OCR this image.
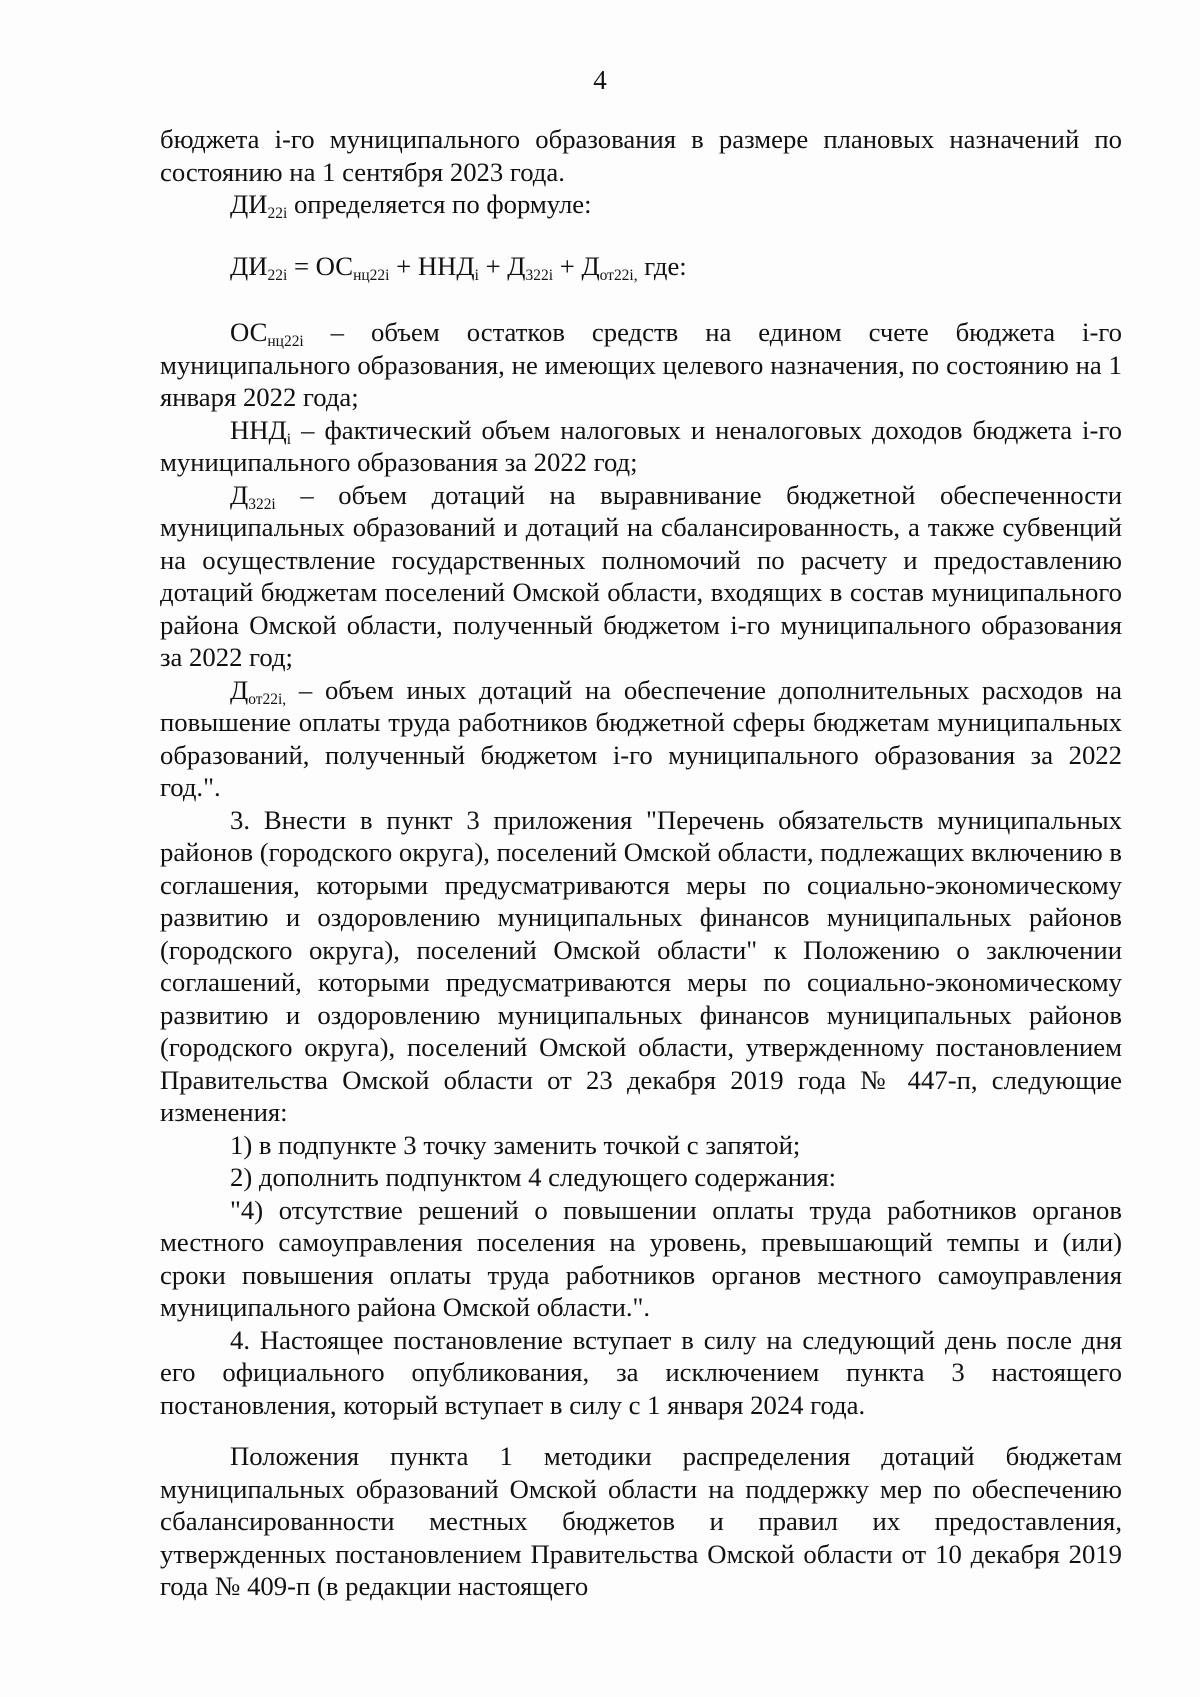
4

бюджета i-го муниципального образования в размере плановых назначений по состоянию на 1 сентября 2023 года.

$ДИ_{22i}$ определяется по формуле:

$ДИ_{22i} = ОС_{нц22i} + ННД_i + Д_{322i} + Д_{от22i,}$ где:

$ОС_{нц22i}$ – объем остатков средств на едином счете бюджета i-го муниципального образования, не имеющих целевого назначения, по состоянию на 1 января 2022 года;

$ННД_i$ – фактический объем налоговых и неналоговых доходов бюджета i-го муниципального образования за 2022 год;

$Д_{322i}$ – объем дотаций на выравнивание бюджетной обеспеченности муниципальных образований и дотаций на сбалансированность, а также субвенций на осуществление государственных полномочий по расчету и предоставлению дотаций бюджетам поселений Омской области, входящих в состав муниципального района Омской области, полученный бюджетом i-го муниципального образования за 2022 год;

$Д_{от22i,}$ – объем иных дотаций на обеспечение дополнительных расходов на повышение оплаты труда работников бюджетной сферы бюджетам муниципальных образований, полученный бюджетом i-го муниципального образования за 2022 год.".

3. Внести в пункт 3 приложения "Перечень обязательств муниципальных районов (городского округа), поселений Омской области, подлежащих включению в соглашения, которыми предусматриваются меры по социально-экономическому развитию и оздоровлению муниципальных финансов муниципальных районов (городского округа), поселений Омской области" к Положению о заключении соглашений, которыми предусматриваются меры по социально-экономическому развитию и оздоровлению муниципальных финансов муниципальных районов (городского округа), поселений Омской области, утвержденному постановлением Правительства Омской области от 23 декабря 2019 года № 447-п, следующие изменения:

1) в подпункте 3 точку заменить точкой с запятой;

2) дополнить подпунктом 4 следующего содержания:

"4) отсутствие решений о повышении оплаты труда работников органов местного самоуправления поселения на уровень, превышающий темпы и (или) сроки повышения оплаты труда работников органов местного самоуправления муниципального района Омской области.".

4. Настоящее постановление вступает в силу на следующий день после дня его официального опубликования, за исключением пункта 3 настоящего постановления, который вступает в силу с 1 января 2024 года.

Положения пункта 1 методики распределения дотаций бюджетам муниципальных образований Омской области на поддержку мер по обеспечению сбалансированности местных бюджетов и правил их предоставления, утвержденных постановлением Правительства Омской области от 10 декабря 2019 года № 409-п (в редакции настоящего
